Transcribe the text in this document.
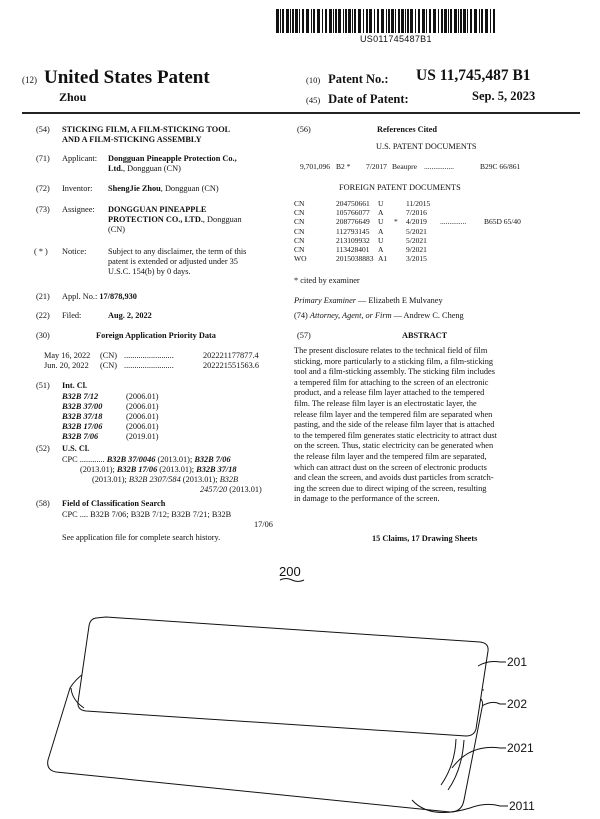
US011745487B1
(12) United States Patent
Zhou
(10) Patent No.: US 11,745,487 B1
(45) Date of Patent:	Sep. 5, 2023
(54) STICKING FILM, A FILM-STICKING TOOL
AND A FILM-STICKING ASSEMBLY
(71) Applicant: Dongguan Pineapple Protection Co.,
Ltd., Dongguan (CN)
(72) Inventor: ShengJie Zhou, Dongguan (CN)
(73) Assignee: DONGGUAN PINEAPPLE
PROTECTION CO., LTD., Dongguan
(CN)
( * ) Notice:	Subject to any disclaimer, the term of this
patent is extended or adjusted under 35
U.S.C. 154(b) by 0 days.
(21) Appl. No.: 17/878,930
(22) Filed:	Aug. 2, 2022
(30)	Foreign Application Priority Data
May 16, 2022 (CN) ........................	202221177877.4
Jun. 20, 2022 (CN) ........................	202221551563.6
(51) Int. Cl.
B32B 7/12	(2006.01)
B32B 37/00	(2006.01)
B32B 37/18	(2006.01)
B32B 17/06	(2006.01)
B32B 7/06	(2019.01)
(52) U.S. Cl.
CPC ............ B32B 37/0046 (2013.01); B32B 7/06
(2013.01); B32B 17/06 (2013.01); B32B 37/18
(2013.01); B32B 2307/584 (2013.01); B32B
2457/20 (2013.01)
(58) Field of Classification Search
CPC .... B32B 7/06; B32B 7/12; B32B 7/21; B32B
17/06
See application file for complete search history.
(56)	References Cited
U.S. PATENT DOCUMENTS
9,701,096 B2 * 7/2017 Beaupre ................	B29C 66/861
FOREIGN PATENT DOCUMENTS
CN	204750661 U	11/2015
CN	105766077 A	7/2016
CN	208776649 U * 4/2019 .............. B65D 65/40
CN	112793145 A	5/2021
CN	213109932 U	5/2021
CN	113428401 A	9/2021
WO	2015038883 A1	3/2015
* cited by examiner
Primary Examiner — Elizabeth E Mulvaney
(74) Attorney, Agent, or Firm — Andrew C. Cheng
(57)	ABSTRACT
The present disclosure relates to the technical field of film
sticking, more particularly to a sticking film, a film-sticking
tool and a film-sticking assembly. The sticking film includes
a tempered film for attaching to the screen of an electronic
product, and a release film layer attached to the tempered
film. The release film layer is an electrostatic layer, the
release film layer and the tempered film are separated when
pasting, and the side of the release film layer that is attached
to the tempered film generates static electricity to attract dust
on the screen. Thus, static electricity can be generated when
the release film layer and the tempered film are separated,
which can attract dust on the screen of electronic products
and clean the screen, and avoids dust particles from scratch-
ing the screen due to direct wiping of the screen, resulting
in damage to the performance of the screen.
15 Claims, 17 Drawing Sheets
200
201
202
2021
2011
